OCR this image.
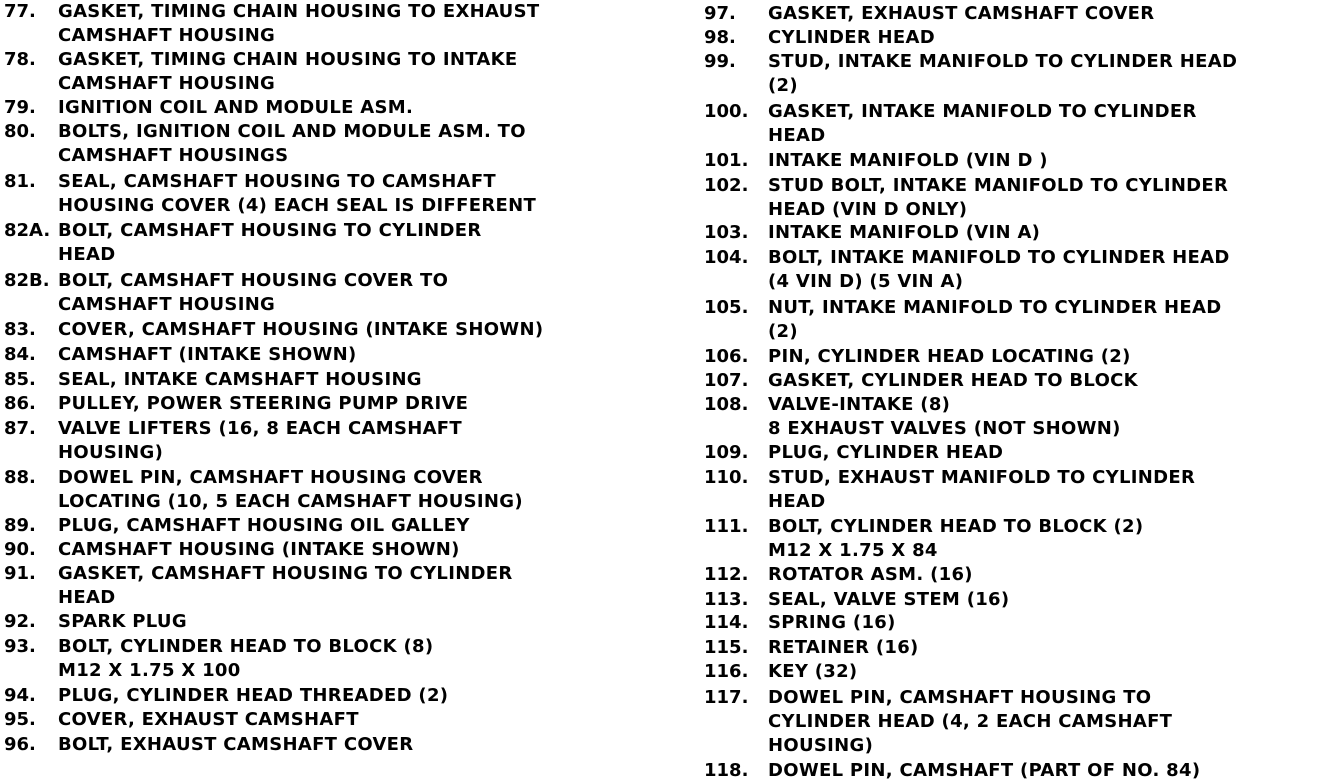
77. GASKET, TIMING CHAIN HOUSING TO EXHAUST
CAMSHAFT HOUSING
78. GASKET, TIMING CHAIN HOUSING TO INTAKE
CAMSHAFT HOUSING
79. IGNITION COIL AND MODULE ASM.
80. BOLTS, IGNITION COIL AND MODULE ASM. TO
CAMSHAFT HOUSINGS
81. SEAL, CAMSHAFT HOUSING TO CAMSHAFT
HOUSING COVER (4) EACH SEAL IS DIFFERENT
82A. BOLT, CAMSHAFT HOUSING TO CYLINDER
HEAD
82B. BOLT, CAMSHAFT HOUSING COVER TO
CAMSHAFT HOUSING
83. COVER, CAMSHAFT HOUSING (INTAKE SHOWN)
84. CAMSHAFT (INTAKE SHOWN)
85. SEAL, INTAKE CAMSHAFT HOUSING
86. PULLEY, POWER STEERING PUMP DRIVE
87. VALVE LIFTERS (16, 8 EACH CAMSHAFT
HOUSING)
88. DOWEL PIN, CAMSHAFT HOUSING COVER
LOCATING (10, 5 EACH CAMSHAFT HOUSING)
89. PLUG, CAMSHAFT HOUSING OIL GALLEY
90. CAMSHAFT HOUSING (INTAKE SHOWN)
91. GASKET, CAMSHAFT HOUSING TO CYLINDER
HEAD
92. SPARK PLUG
93. BOLT, CYLINDER HEAD TO BLOCK (8)
M12 X 1.75 X 100
94. PLUG, CYLINDER HEAD THREADED (2)
95. COVER, EXHAUST CAMSHAFT
96. BOLT, EXHAUST CAMSHAFT COVER
97. GASKET, EXHAUST CAMSHAFT COVER
98. CYLINDER HEAD
99. STUD, INTAKE MANIFOLD TO CYLINDER HEAD
(2)
100. GASKET, INTAKE MANIFOLD TO CYLINDER
HEAD
101. INTAKE MANIFOLD (VIN D )
102. STUD BOLT, INTAKE MANIFOLD TO CYLINDER
HEAD (VIN D ONLY)
103. INTAKE MANIFOLD (VIN A)
104. BOLT, INTAKE MANIFOLD TO CYLINDER HEAD
(4 VIN D) (5 VIN A)
105. NUT, INTAKE MANIFOLD TO CYLINDER HEAD
(2)
106. PIN, CYLINDER HEAD LOCATING (2)
107. GASKET, CYLINDER HEAD TO BLOCK
108. VALVE-INTAKE (8)
8 EXHAUST VALVES (NOT SHOWN)
109. PLUG, CYLINDER HEAD
110. STUD, EXHAUST MANIFOLD TO CYLINDER
HEAD
111. BOLT, CYLINDER HEAD TO BLOCK (2)
M12 X 1.75 X 84
112. ROTATOR ASM. (16)
113. SEAL, VALVE STEM (16)
114. SPRING (16)
115. RETAINER (16)
116. KEY (32)
117. DOWEL PIN, CAMSHAFT HOUSING TO
CYLINDER HEAD (4, 2 EACH CAMSHAFT
HOUSING)
118. DOWEL PIN, CAMSHAFT (PART OF NO. 84)
